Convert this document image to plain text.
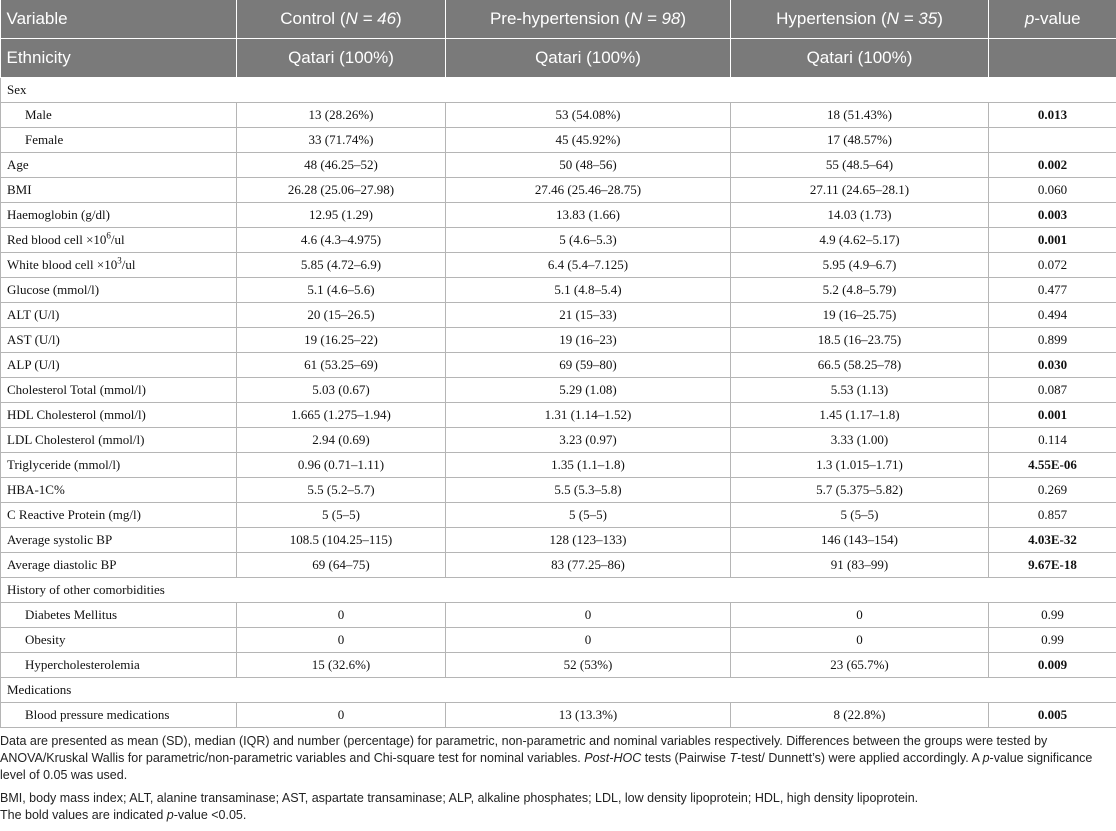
Variable	Control (N = 46)	Pre-hypertension (N = 98)	Hypertension (N = 35)	p-value
Ethnicity	Qatari (100%)	Qatari (100%)	Qatari (100%)	
Sex				
Male	13 (28.26%)	53 (54.08%)	18 (51.43%)	0.013
Female	33 (71.74%)	45 (45.92%)	17 (48.57%)	
Age	48 (46.25–52)	50 (48–56)	55 (48.5–64)	0.002
BMI	26.28 (25.06–27.98)	27.46 (25.46–28.75)	27.11 (24.65–28.1)	0.060
Haemoglobin (g/dl)	12.95 (1.29)	13.83 (1.66)	14.03 (1.73)	0.003
Red blood cell $\times 10^6/ul$	4.6 (4.3–4.975)	5 (4.6–5.3)	4.9 (4.62–5.17)	0.001
White blood cell $\times 10^3/ul$	5.85 (4.72–6.9)	6.4 (5.4–7.125)	5.95 (4.9–6.7)	0.072
Glucose (mmol/l)	5.1 (4.6–5.6)	5.1 (4.8–5.4)	5.2 (4.8–5.79)	0.477
ALT (U/l)	20 (15–26.5)	21 (15–33)	19 (16–25.75)	0.494
AST (U/l)	19 (16.25–22)	19 (16–23)	18.5 (16–23.75)	0.899
ALP (U/l)	61 (53.25–69)	69 (59–80)	66.5 (58.25–78)	0.030
Cholesterol Total (mmol/l)	5.03 (0.67)	5.29 (1.08)	5.53 (1.13)	0.087
HDL Cholesterol (mmol/l)	1.665 (1.275–1.94)	1.31 (1.14–1.52)	1.45 (1.17–1.8)	0.001
LDL Cholesterol (mmol/l)	2.94 (0.69)	3.23 (0.97)	3.33 (1.00)	0.114
Triglyceride (mmol/l)	0.96 (0.71–1.11)	1.35 (1.1–1.8)	1.3 (1.015–1.71)	4.55E-06
HBA-1C%	5.5 (5.2–5.7)	5.5 (5.3–5.8)	5.7 (5.375–5.82)	0.269
C Reactive Protein (mg/l)	5 (5–5)	5 (5–5)	5 (5–5)	0.857
Average systolic BP	108.5 (104.25–115)	128 (123–133)	146 (143–154)	4.03E-32
Average diastolic BP	69 (64–75)	83 (77.25–86)	91 (83–99)	9.67E-18
History of other comorbidities				
Diabetes Mellitus	0	0	0	0.99
Obesity	0	0	0	0.99
Hypercholesterolemia	15 (32.6%)	52 (53%)	23 (65.7%)	0.009
Medications				
Blood pressure medications	0	13 (13.3%)	8 (22.8%)	0.005

Data are presented as mean (SD), median (IQR) and number (percentage) for parametric, non-parametric and nominal variables respectively. Differences between the groups were tested by ANOVA/Kruskal Wallis for parametric/non-parametric variables and Chi-square test for nominal variables. Post-HOC tests (Pairwise T-test/ Dunnett’s) were applied accordingly. A p-value significance level of 0.05 was used.

BMI, body mass index; ALT, alanine transaminase; AST, aspartate transaminase; ALP, alkaline phosphates; LDL, low density lipoprotein; HDL, high density lipoprotein.

The bold values are indicated p-value <0.05.
